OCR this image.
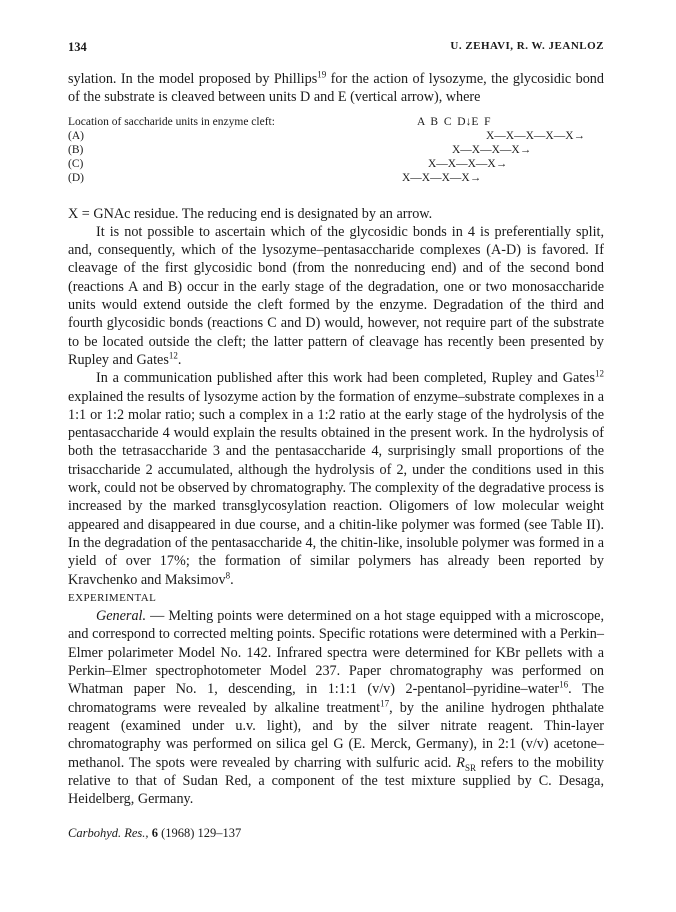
134	U. ZEHAVI, R. W. JEANLOZ

sylation. In the model proposed by Phillips$^{19}$ for the action of lysozyme, the glycosidic bond of the substrate is cleaved between units D and E (vertical arrow), where

Location of saccharide units in enzyme cleft:
(A)
(B)
(C)
(D)
A  B  C  D↓E  F
X—X—X—X—X→
X—X—X—X→
X—X—X—X→
X—X—X—X→

X = GNAc residue. The reducing end is designated by an arrow.

It is not possible to ascertain which of the glycosidic bonds in 4 is preferentially split, and, consequently, which of the lysozyme–pentasaccharide complexes (A-D) is favored. If cleavage of the first glycosidic bond (from the nonreducing end) and of the second bond (reactions A and B) occur in the early stage of the degradation, one or two monosaccharide units would extend outside the cleft formed by the enzyme. Degradation of the third and fourth glycosidic bonds (reactions C and D) would, however, not require part of the substrate to be located outside the cleft; the latter pattern of cleavage has recently been presented by Rupley and Gates$^{12}$.

In a communication published after this work had been completed, Rupley and Gates$^{12}$ explained the results of lysozyme action by the formation of enzyme–substrate complexes in a 1:1 or 1:2 molar ratio; such a complex in a 1:2 ratio at the early stage of the hydrolysis of the pentasaccharide 4 would explain the results obtained in the present work. In the hydrolysis of both the tetrasaccharide 3 and the pentasaccharide 4, surprisingly small proportions of the trisaccharide 2 accumulated, although the hydrolysis of 2, under the conditions used in this work, could not be observed by chromatography. The complexity of the degradative process is increased by the marked transglycosylation reaction. Oligomers of low molecular weight appeared and disappeared in due course, and a chitin-like polymer was formed (see Table II). In the degradation of the pentasaccharide 4, the chitin-like, insoluble polymer was formed in a yield of over 17%; the formation of similar polymers has already been reported by Kravchenko and Maksimov$^8$.

EXPERIMENTAL

General. — Melting points were determined on a hot stage equipped with a microscope, and correspond to corrected melting points. Specific rotations were determined with a Perkin–Elmer polarimeter Model No. 142. Infrared spectra were determined for KBr pellets with a Perkin–Elmer spectrophotometer Model 237. Paper chromatography was performed on Whatman paper No. 1, descending, in 1:1:1 (v/v) 2-pentanol–pyridine–water$^{16}$. The chromatograms were revealed by alkaline treatment$^{17}$, by the aniline hydrogen phthalate reagent (examined under u.v. light), and by the silver nitrate reagent. Thin-layer chromatography was performed on silica gel G (E. Merck, Germany), in 2:1 (v/v) acetone–methanol. The spots were revealed by charring with sulfuric acid. $R_{SR}$ refers to the mobility relative to that of Sudan Red, a component of the test mixture supplied by C. Desaga, Heidelberg, Germany.

Carbohyd. Res., 6 (1968) 129–137
